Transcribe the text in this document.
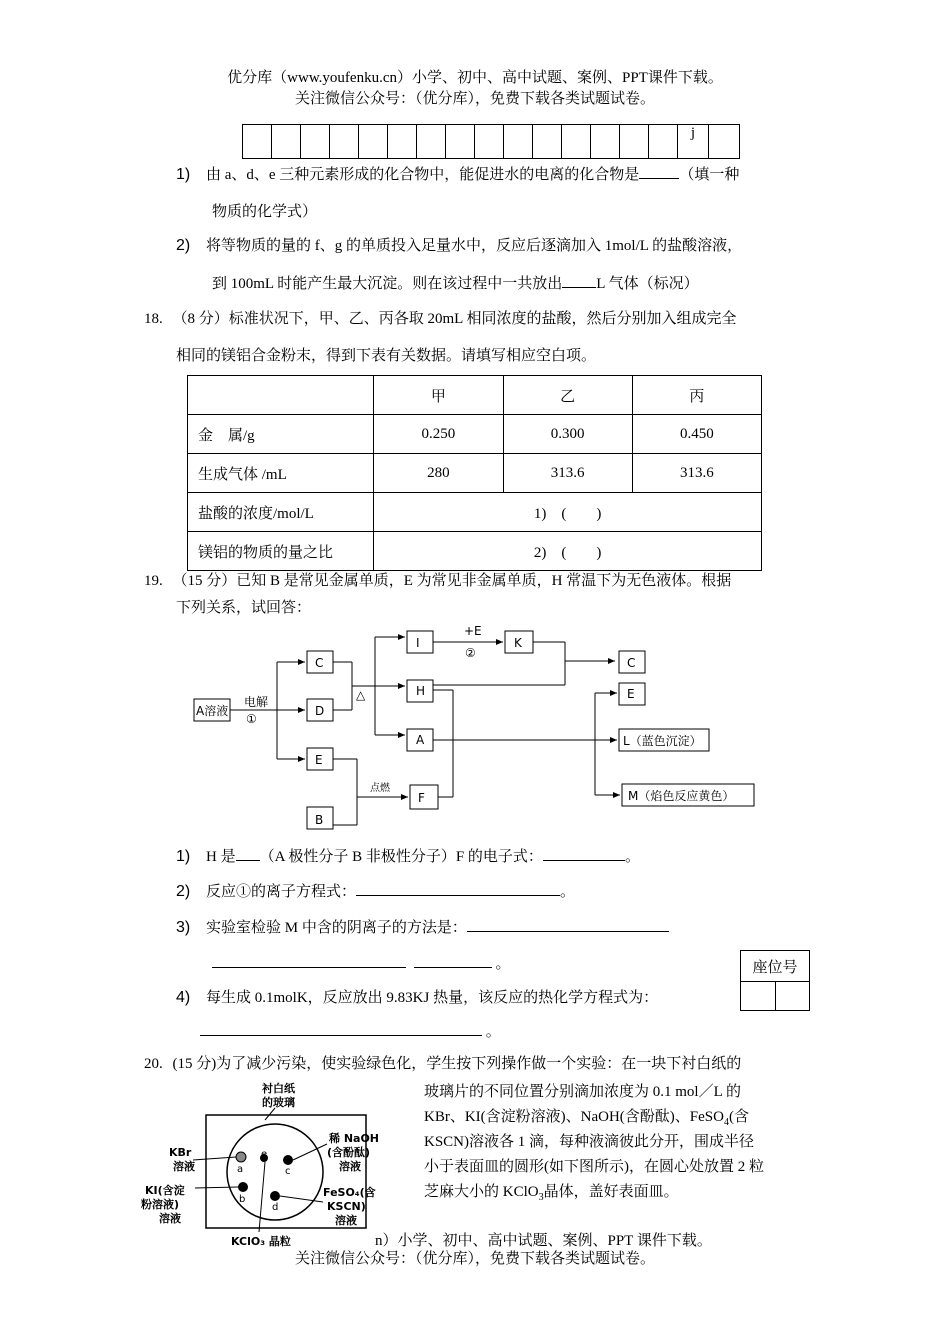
优分库（www.youfenku.cn）小学、初中、高中试题、案例、PPT课件下载。
关注微信公众号：（优分库），免费下载各类试题试卷。
															j	
1) 由 a、d、e 三种元素形成的化合物中，能促进水的电离的化合物是	（填一种
物质的化学式）
2) 将等物质的量的 f、g 的单质投入足量水中，反应后逐滴加入 1mol/L 的盐酸溶液，
到 100mL 时能产生最大沉淀。则在该过程中一共放出 L 气体（标况）
18. （8 分）标准状况下，甲、乙、丙各取 20mL 相同浓度的盐酸，然后分别加入组成完全
相同的镁铝合金粉末，得到下表有关数据。请填写相应空白项。
	甲	乙	丙
金　属/g	0.250	0.300	0.450
生成气体 /mL	280	313.6	313.6
盐酸的浓度/mol/L	1)　(　　)		
镁铝的物质的量之比	2)　(　　)		
19. （15 分）已知 B 是常见金属单质，E 为常见非金属单质，H 常温下为无色液体。根据
下列关系，试回答：
A溶液
电解
①
C
D
E
B
△
I
H
A
+E
②
K
C
E
L（蓝色沉淀）
M（焰色反应黄色）
点燃
F
1) H 是 （A 极性分子 B 非极性分子）F 的电子式：	。
2) 反应①的离子方程式：	。
3) 实验室检验 M 中含的阴离子的方法是：
。
4) 每生成 0.1molK，反应放出 9.83KJ 热量，该反应的热化学方程式为：
。
座位号

20. (15 分)为了减少污染，使实验绿色化，学生按下列操作做一个实验：在一块下衬白纸的
玻璃片的不同位置分别滴加浓度为 0.1 mol／L 的
KBr、KI(含淀粉溶液)、NaOH(含酚酞)、FeSO$_4$(含
KSCN)溶液各 1 滴，每种液滴彼此分开，围成半径
小于表面皿的圆形(如下图所示)，在圆心处放置 2 粒
芝麻大小的 KClO$_3$晶体，盖好表面皿。
衬白纸
的玻璃
a
b
c
d
e
KBr
溶液
KI(含淀
粉溶液)
溶液
稀 NaOH
(含酚酞)
溶液
FeSO₄(含
KSCN)
溶液
KClO₃ 晶粒	n）小学、初中、高中试题、案例、PPT 课件下载。
关注微信公众号：（优分库），免费下载各类试题试卷。
